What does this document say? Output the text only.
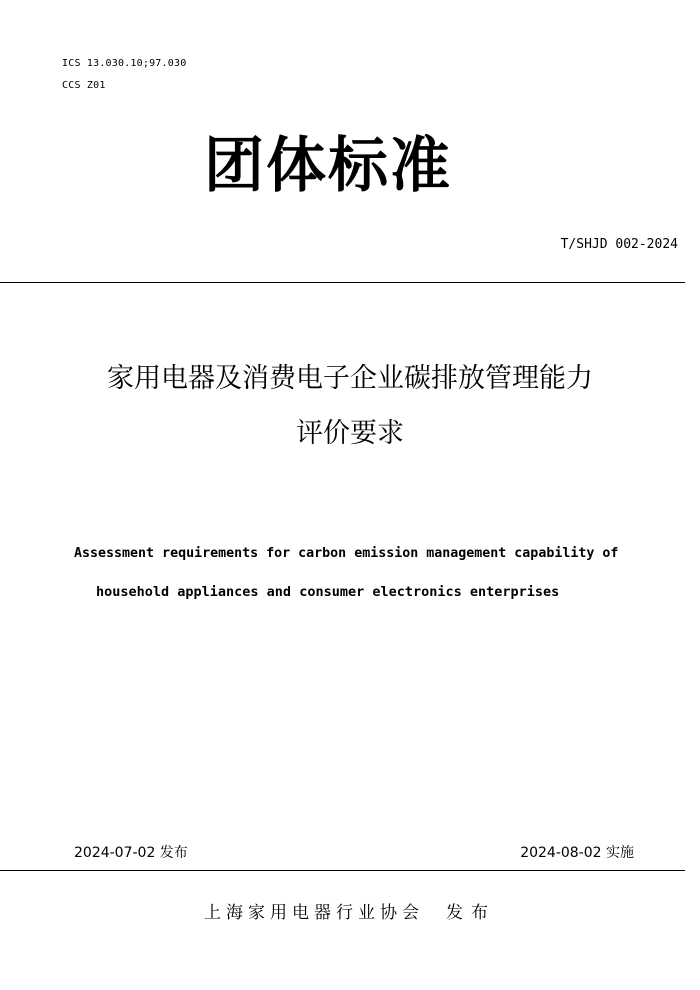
ICS 13.030.10;97.030
CCS Z01
团体标准
T/SHJD 002-2024
家用电器及消费电子企业碳排放管理能力
评价要求
Assessment requirements for carbon emission management capability of
household appliances and consumer electronics enterprises
2024-07-02 发布	2024-08-02 实施
上海家用电器行业协会 发布
